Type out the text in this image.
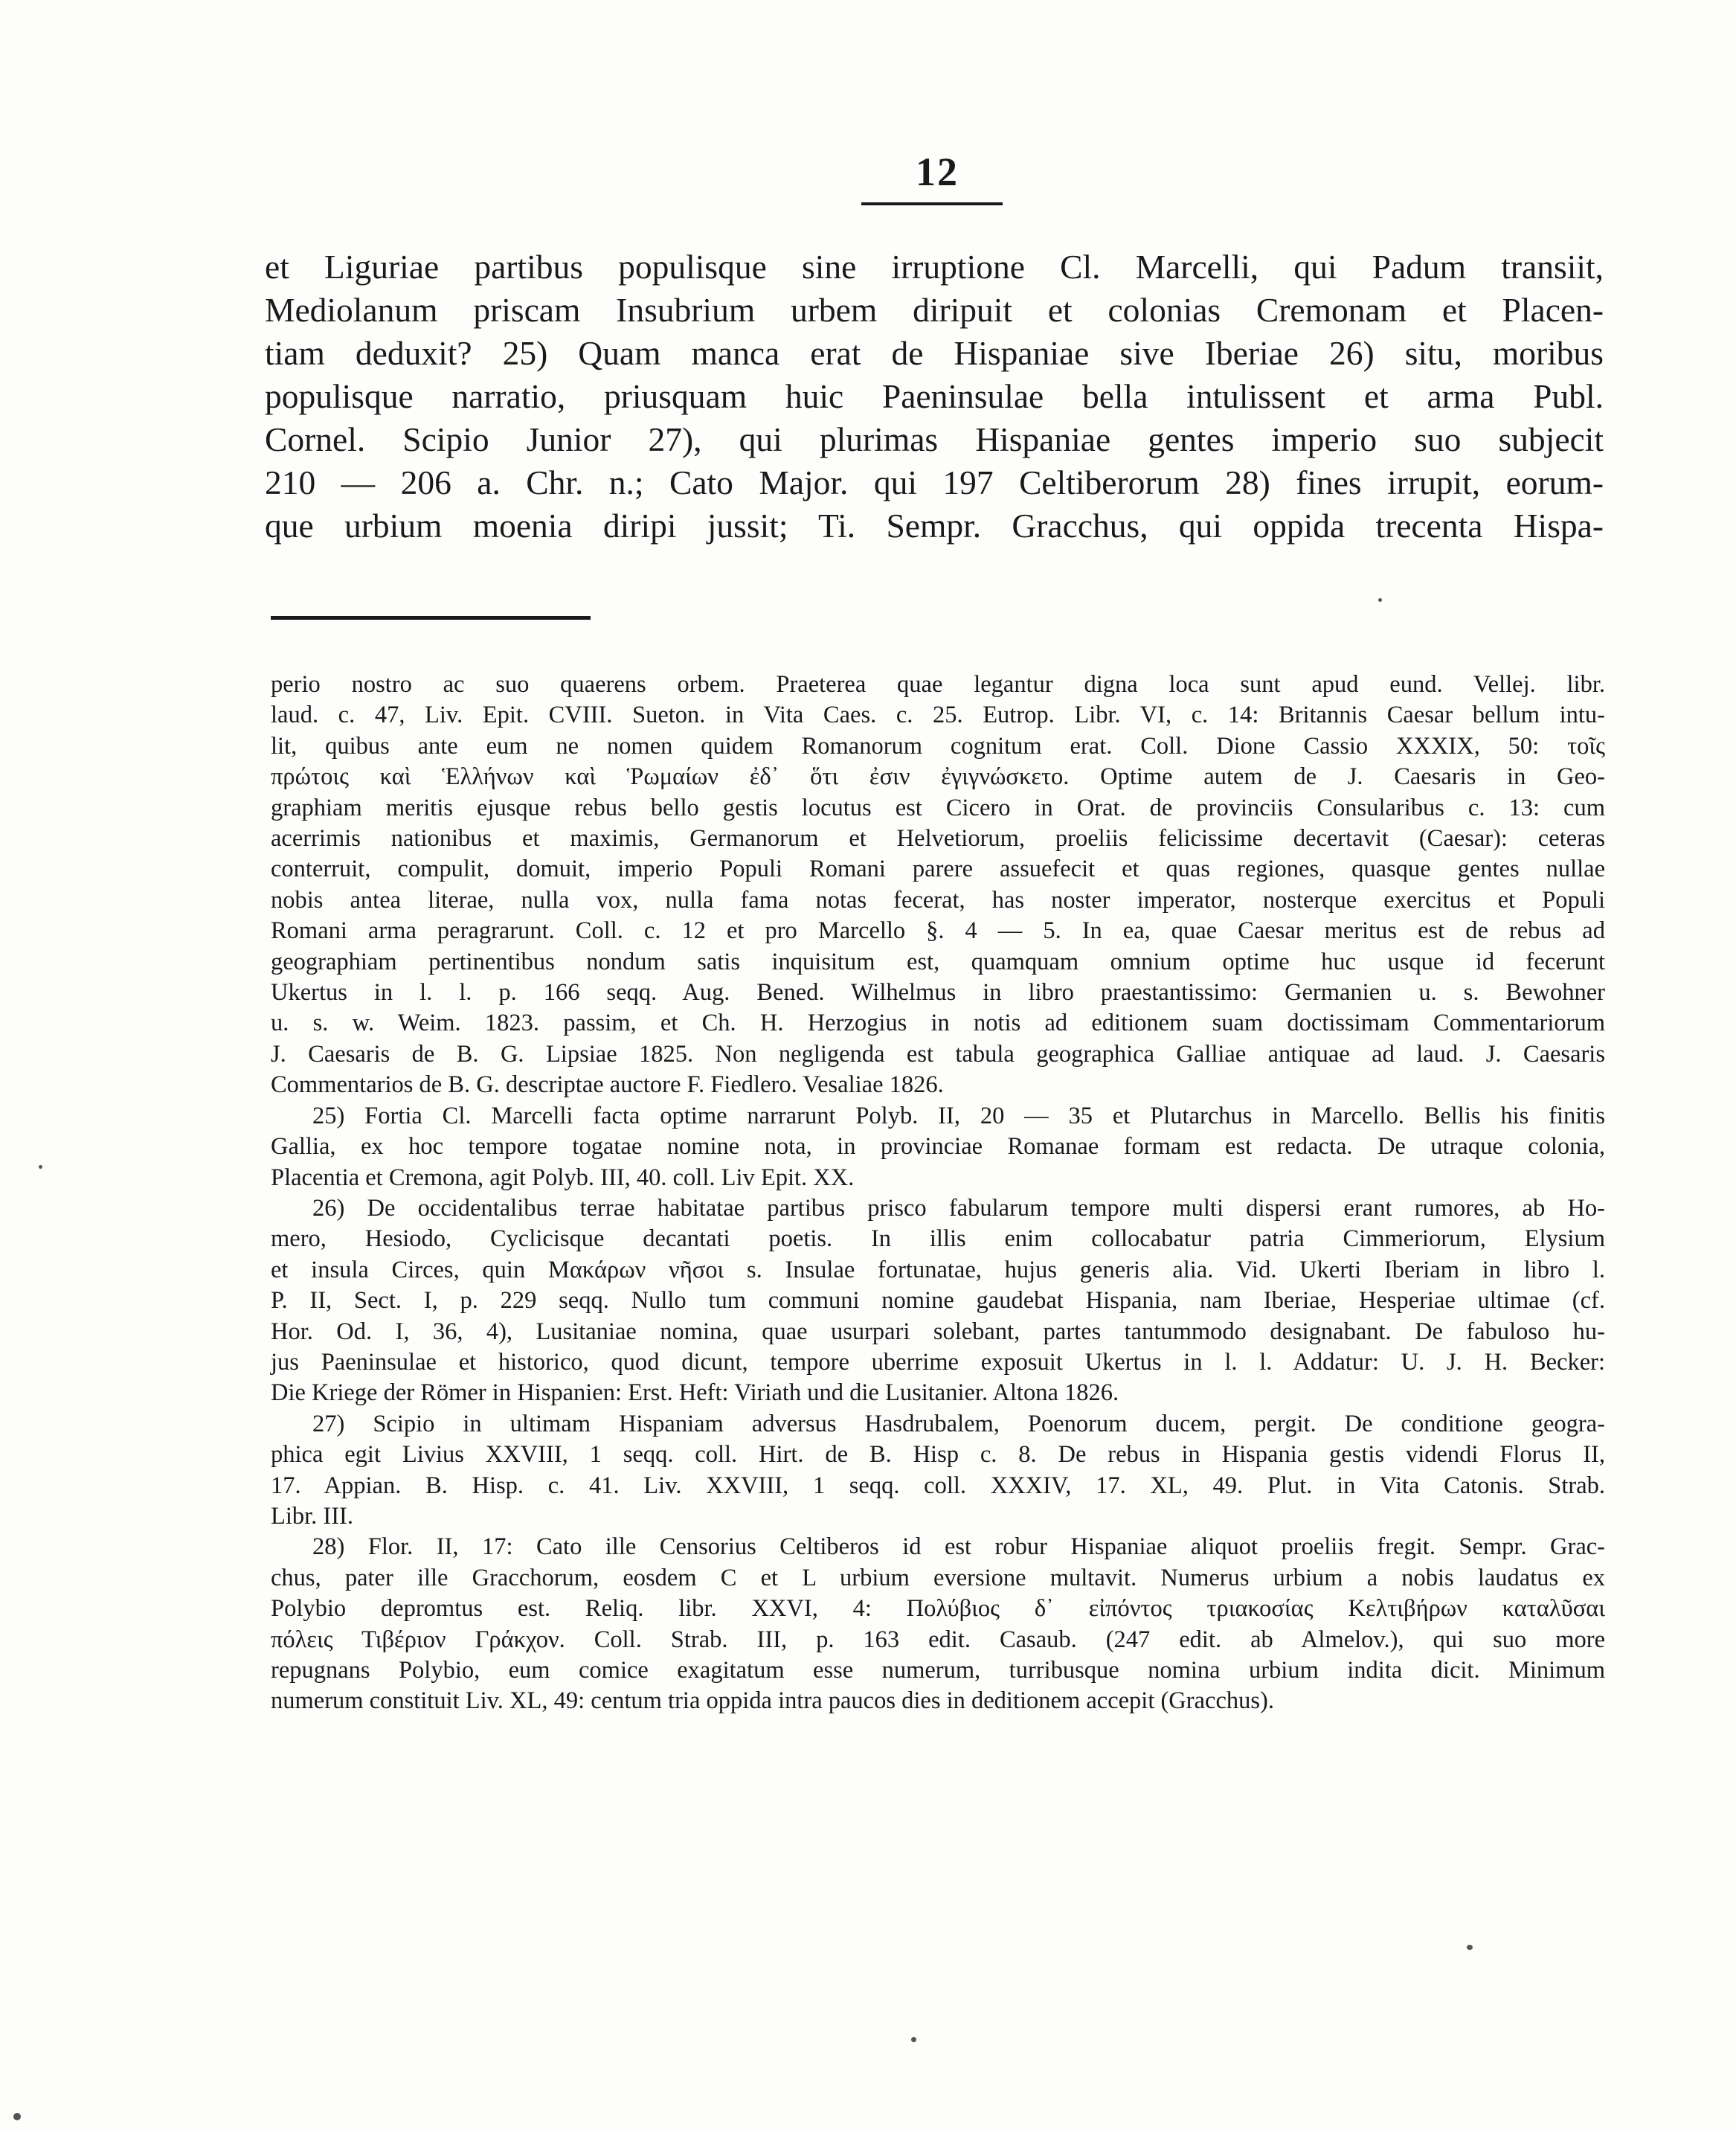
12
et Liguriae partibus populisque sine irruptione Cl. Marcelli, qui Padum transiit,
Mediolanum priscam Insubrium urbem diripuit et colonias Cremonam et Placen-
tiam deduxit? 25) Quam manca erat de Hispaniae sive Iberiae 26) situ, moribus
populisque narratio, priusquam huic Paeninsulae bella intulissent et arma Publ.
Cornel. Scipio Junior 27), qui plurimas Hispaniae gentes imperio suo subjecit
210 — 206 a. Chr. n.; Cato Major. qui 197 Celtiberorum 28) fines irrupit, eorum-
que urbium moenia diripi jussit; Ti. Sempr. Gracchus, qui oppida trecenta Hispa-
perio nostro ac suo quaerens orbem. Praeterea quae legantur digna loca sunt apud eund. Vellej. libr.
laud. c. 47, Liv. Epit. CVIII. Sueton. in Vita Caes. c. 25. Eutrop. Libr. VI, c. 14: Britannis Caesar bellum intu-
lit, quibus ante eum ne nomen quidem Romanorum cognitum erat. Coll. Dione Cassio XXXIX, 50: τοῖς
πρώτοις καὶ Ἑλλήνων καὶ Ῥωμαίων ἐδ᾽ ὅτι ἐσιν ἐγιγνώσκετο. Optime autem de J. Caesaris in Geo-
graphiam meritis ejusque rebus bello gestis locutus est Cicero in Orat. de provinciis Consularibus c. 13: cum
acerrimis nationibus et maximis, Germanorum et Helvetiorum, proeliis felicissime decertavit (Caesar): ceteras
conterruit, compulit, domuit, imperio Populi Romani parere assuefecit et quas regiones, quasque gentes nullae
nobis antea literae, nulla vox, nulla fama notas fecerat, has noster imperator, nosterque exercitus et Populi
Romani arma peragrarunt. Coll. c. 12 et pro Marcello §. 4 — 5. In ea, quae Caesar meritus est de rebus ad
geographiam pertinentibus nondum satis inquisitum est, quamquam omnium optime huc usque id fecerunt
Ukertus in l. l. p. 166 seqq. Aug. Bened. Wilhelmus in libro praestantissimo: Germanien u. s. Bewohner
u. s. w. Weim. 1823. passim, et Ch. H. Herzogius in notis ad editionem suam doctissimam Commentariorum
J. Caesaris de B. G. Lipsiae 1825. Non negligenda est tabula geographica Galliae antiquae ad laud. J. Caesaris
Commentarios de B. G. descriptae auctore F. Fiedlero. Vesaliae 1826.
25) Fortia Cl. Marcelli facta optime narrarunt Polyb. II, 20 — 35 et Plutarchus in Marcello. Bellis his finitis
Gallia, ex hoc tempore togatae nomine nota, in provinciae Romanae formam est redacta. De utraque colonia,
Placentia et Cremona, agit Polyb. III, 40. coll. Liv Epit. XX.
26) De occidentalibus terrae habitatae partibus prisco fabularum tempore multi dispersi erant rumores, ab Ho-
mero, Hesiodo, Cyclicisque decantati poetis. In illis enim collocabatur patria Cimmeriorum, Elysium
et insula Circes, quin Μακάρων νῆσοι s. Insulae fortunatae, hujus generis alia. Vid. Ukerti Iberiam in libro l.
P. II, Sect. I, p. 229 seqq. Nullo tum communi nomine gaudebat Hispania, nam Iberiae, Hesperiae ultimae (cf.
Hor. Od. I, 36, 4), Lusitaniae nomina, quae usurpari solebant, partes tantummodo designabant. De fabuloso hu-
jus Paeninsulae et historico, quod dicunt, tempore uberrime exposuit Ukertus in l. l. Addatur: U. J. H. Becker:
Die Kriege der Römer in Hispanien: Erst. Heft: Viriath und die Lusitanier. Altona 1826.
27) Scipio in ultimam Hispaniam adversus Hasdrubalem, Poenorum ducem, pergit. De conditione geogra-
phica egit Livius XXVIII, 1 seqq. coll. Hirt. de B. Hisp c. 8. De rebus in Hispania gestis videndi Florus II,
17. Appian. B. Hisp. c. 41. Liv. XXVIII, 1 seqq. coll. XXXIV, 17. XL, 49. Plut. in Vita Catonis. Strab.
Libr. III.
28) Flor. II, 17: Cato ille Censorius Celtiberos id est robur Hispaniae aliquot proeliis fregit. Sempr. Grac-
chus, pater ille Gracchorum, eosdem C et L urbium eversione multavit. Numerus urbium a nobis laudatus ex
Polybio depromtus est. Reliq. libr. XXVI, 4: Πολύβιος δ᾽ εἰπόντος τριακοσίας Κελτιβήρων καταλῦσαι
πόλεις Τιβέριον Γράκχον. Coll. Strab. III, p. 163 edit. Casaub. (247 edit. ab Almelov.), qui suo more
repugnans Polybio, eum comice exagitatum esse numerum, turribusque nomina urbium indita dicit. Minimum
numerum constituit Liv. XL, 49: centum tria oppida intra paucos dies in deditionem accepit (Gracchus).
